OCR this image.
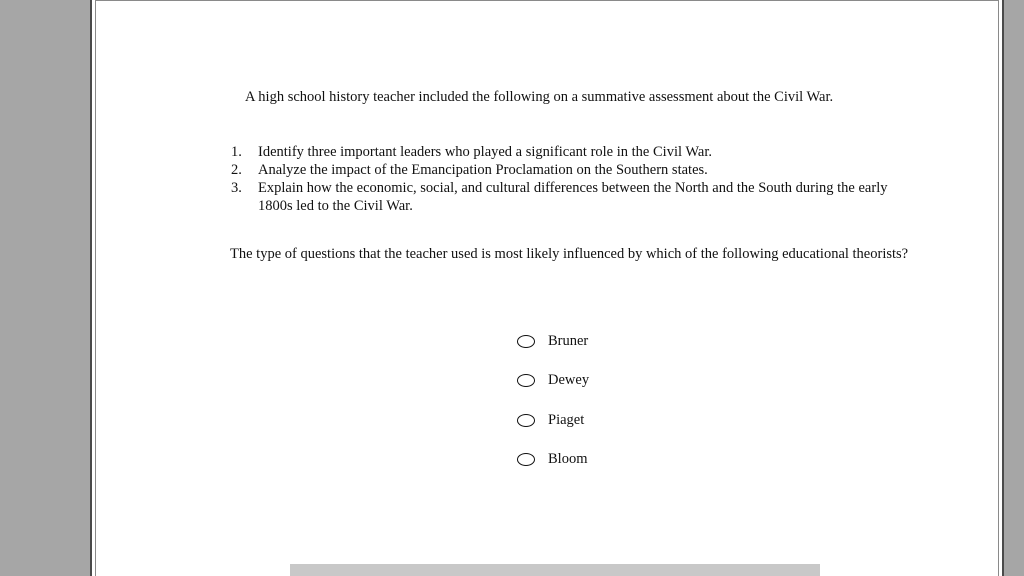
A high school history teacher included the following on a summative assessment about the Civil War.
1.	Identify three important leaders who played a significant role in the Civil War.
2.	Analyze the impact of the Emancipation Proclamation on the Southern states.
3.	Explain how the economic, social, and cultural differences between the North and the South during the early 1800s led to the Civil War.
The type of questions that the teacher used is most likely influenced by which of the following educational theorists?
Bruner
Dewey
Piaget
Bloom
